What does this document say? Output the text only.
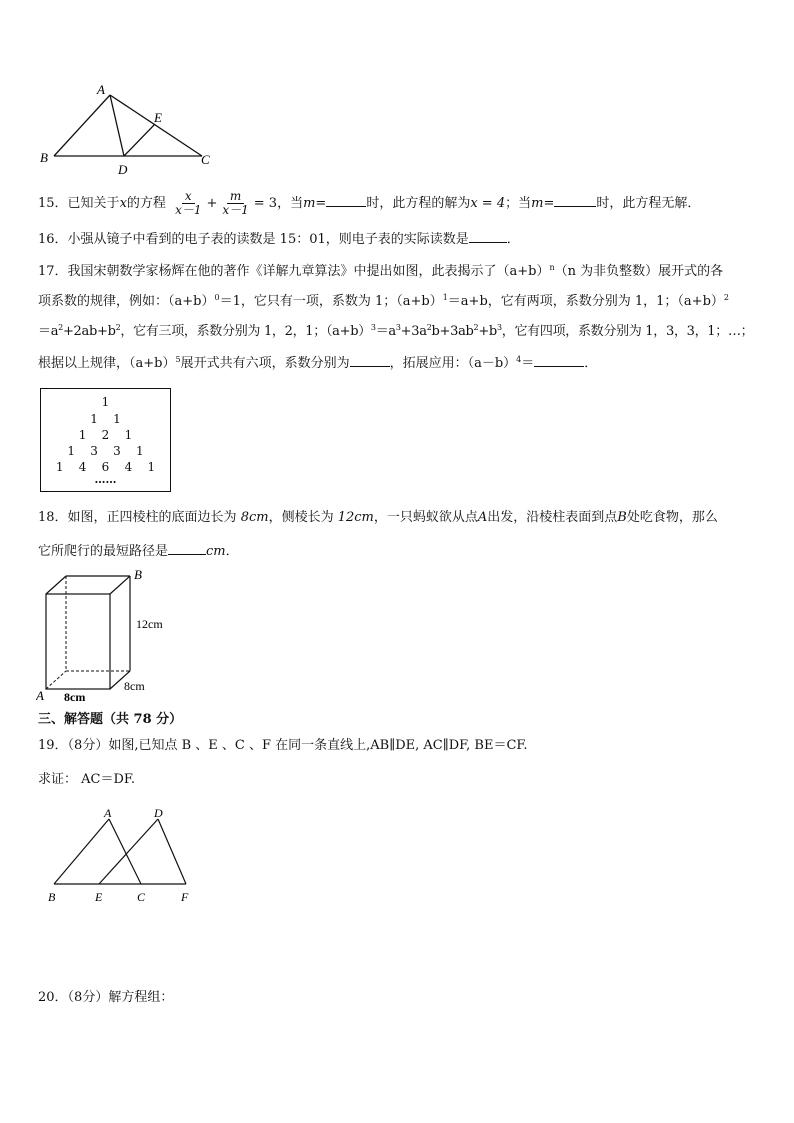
A
E
B
D
C
15．已知关于x的方程 $\frac{x}{x-1} + \frac{m}{x-1} = 3$，当m=	时，此方程的解为x = 4；当m=	时，此方程无解．
16．小强从镜子中看到的电子表的读数是 15：01，则电子表的实际读数是	．
17．我国宋朝数学家杨辉在他的著作《详解九章算法》中提出如图，此表揭示了$(a+b)^n(n$ 为非负整数）展开式的各
项系数的规律，例如：$(a+b)^0=1$，它只有一项，系数为 1；$(a+b)^1=a+b$，它有两项，系数分别为 1，1；$(a+b)^2$
$=a^2+2ab+b^2$，它有三项，系数分别为 1，2，1；$(a+b)^3=a^3+3a^2b+3ab^2+b^3$，它有四项，系数分别为 1，3，3，1；…；
根据以上规律，$(a+b)^5$展开式共有六项，系数分别为	，拓展应用：$(a-b)^4=$	．
1
1    1
1    2    1
1    3    3    1
1    4    6    4    1
……
18．如图，正四棱柱的底面边长为 8cm，侧棱长为 12cm，一只蚂蚁欲从点A出发，沿棱柱表面到点B处吃食物，那么
它所爬行的最短路径是	cm．
B
A
12cm
8cm
8cm
三、解答题（共 78 分）
19．（8分）如图,已知点 B 、E 、C 、F 在同一条直线上,AB∥DE, AC∥DF, BE＝CF.
求证： AC＝DF.
A	D
B	E	C	F
20．（8分）解方程组：
